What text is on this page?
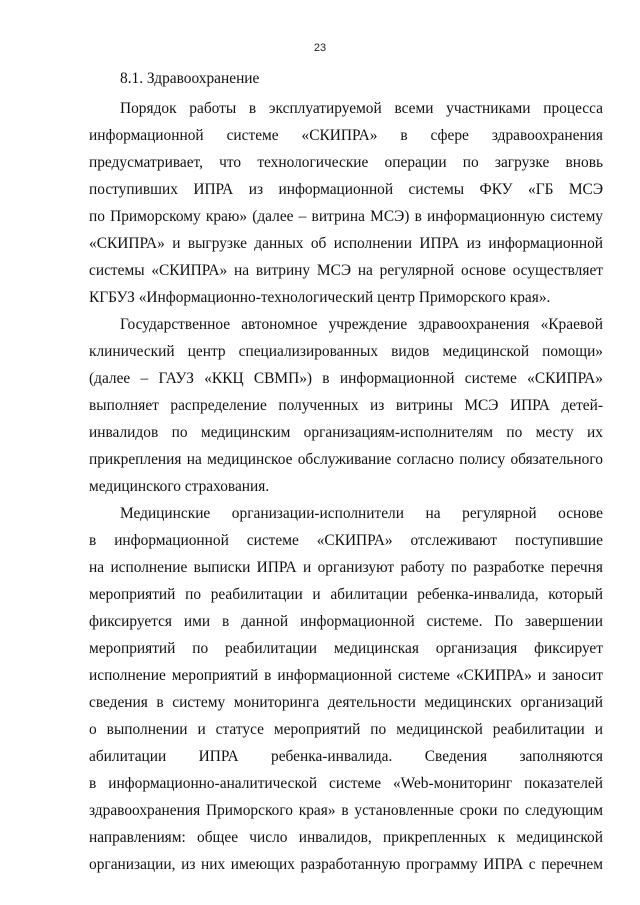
23
8.1. Здравоохранение
Порядок работы в эксплуатируемой всеми участниками процесса
информационной системе «СКИПРА» в сфере здравоохранения
предусматривает, что технологические операции по загрузке вновь
поступивших ИПРА из информационной системы ФКУ «ГБ МСЭ
по Приморскому краю» (далее – витрина МСЭ) в информационную систему
«СКИПРА» и выгрузке данных об исполнении ИПРА из информационной
системы «СКИПРА» на витрину МСЭ на регулярной основе осуществляет
КГБУЗ «Информационно-технологический центр Приморского края».
Государственное автономное учреждение здравоохранения «Краевой
клинический центр специализированных видов медицинской помощи»
(далее – ГАУЗ «ККЦ СВМП») в информационной системе «СКИПРА»
выполняет распределение полученных из витрины МСЭ ИПРА детей-
инвалидов по медицинским организациям-исполнителям по месту их
прикрепления на медицинское обслуживание согласно полису обязательного
медицинского страхования.
Медицинские организации-исполнители на регулярной основе
в информационной системе «СКИПРА» отслеживают поступившие
на исполнение выписки ИПРА и организуют работу по разработке перечня
мероприятий по реабилитации и абилитации ребенка-инвалида, который
фиксируется ими в данной информационной системе. По завершении
мероприятий по реабилитации медицинская организация фиксирует
исполнение мероприятий в информационной системе «СКИПРА» и заносит
сведения в систему мониторинга деятельности медицинских организаций
о выполнении и статусе мероприятий по медицинской реабилитации и
абилитации ИПРА ребенка-инвалида. Сведения заполняются
в информационно-аналитической системе «Web-мониторинг показателей
здравоохранения Приморского края» в установленные сроки по следующим
направлениям: общее число инвалидов, прикрепленных к медицинской
организации, из них имеющих разработанную программу ИПРА с перечнем
